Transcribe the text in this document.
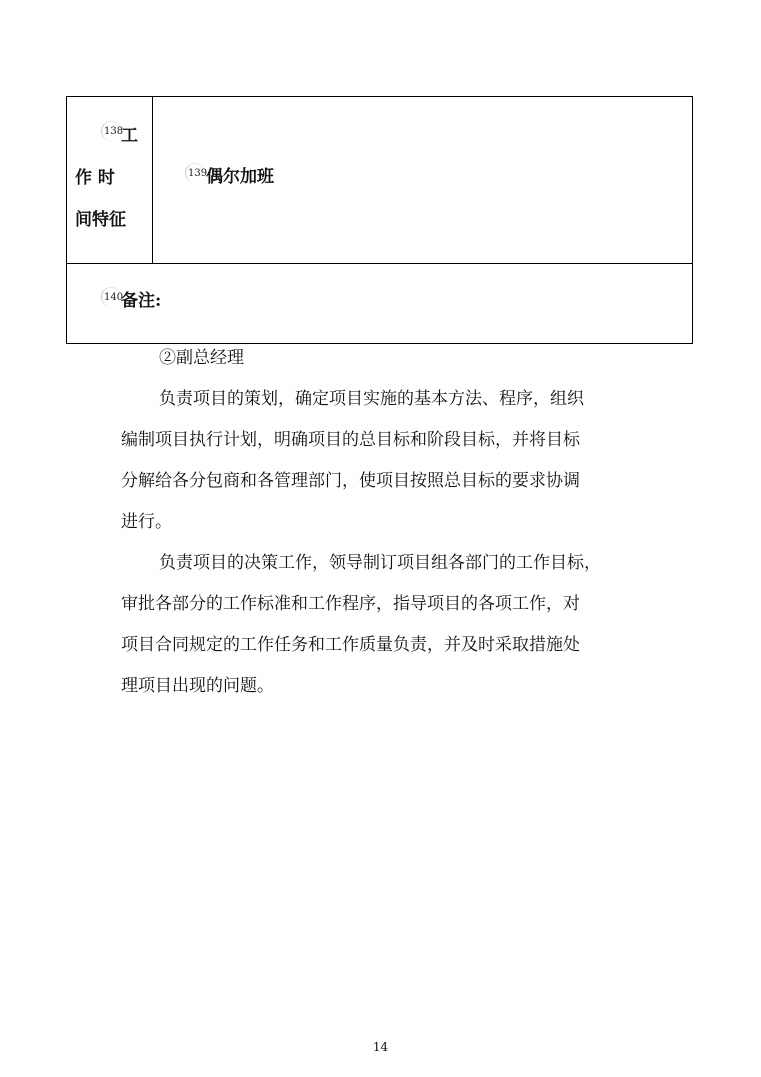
138
工
作 时
间特征
139
偶尔加班
140
备注:
②副总经理
负责项目的策划，确定项目实施的基本方法、程序，组织
编制项目执行计划，明确项目的总目标和阶段目标，并将目标
分解给各分包商和各管理部门，使项目按照总目标的要求协调
进行。
负责项目的决策工作，领导制订项目组各部门的工作目标，
审批各部分的工作标准和工作程序，指导项目的各项工作，对
项目合同规定的工作任务和工作质量负责，并及时采取措施处
理项目出现的问题。
14
